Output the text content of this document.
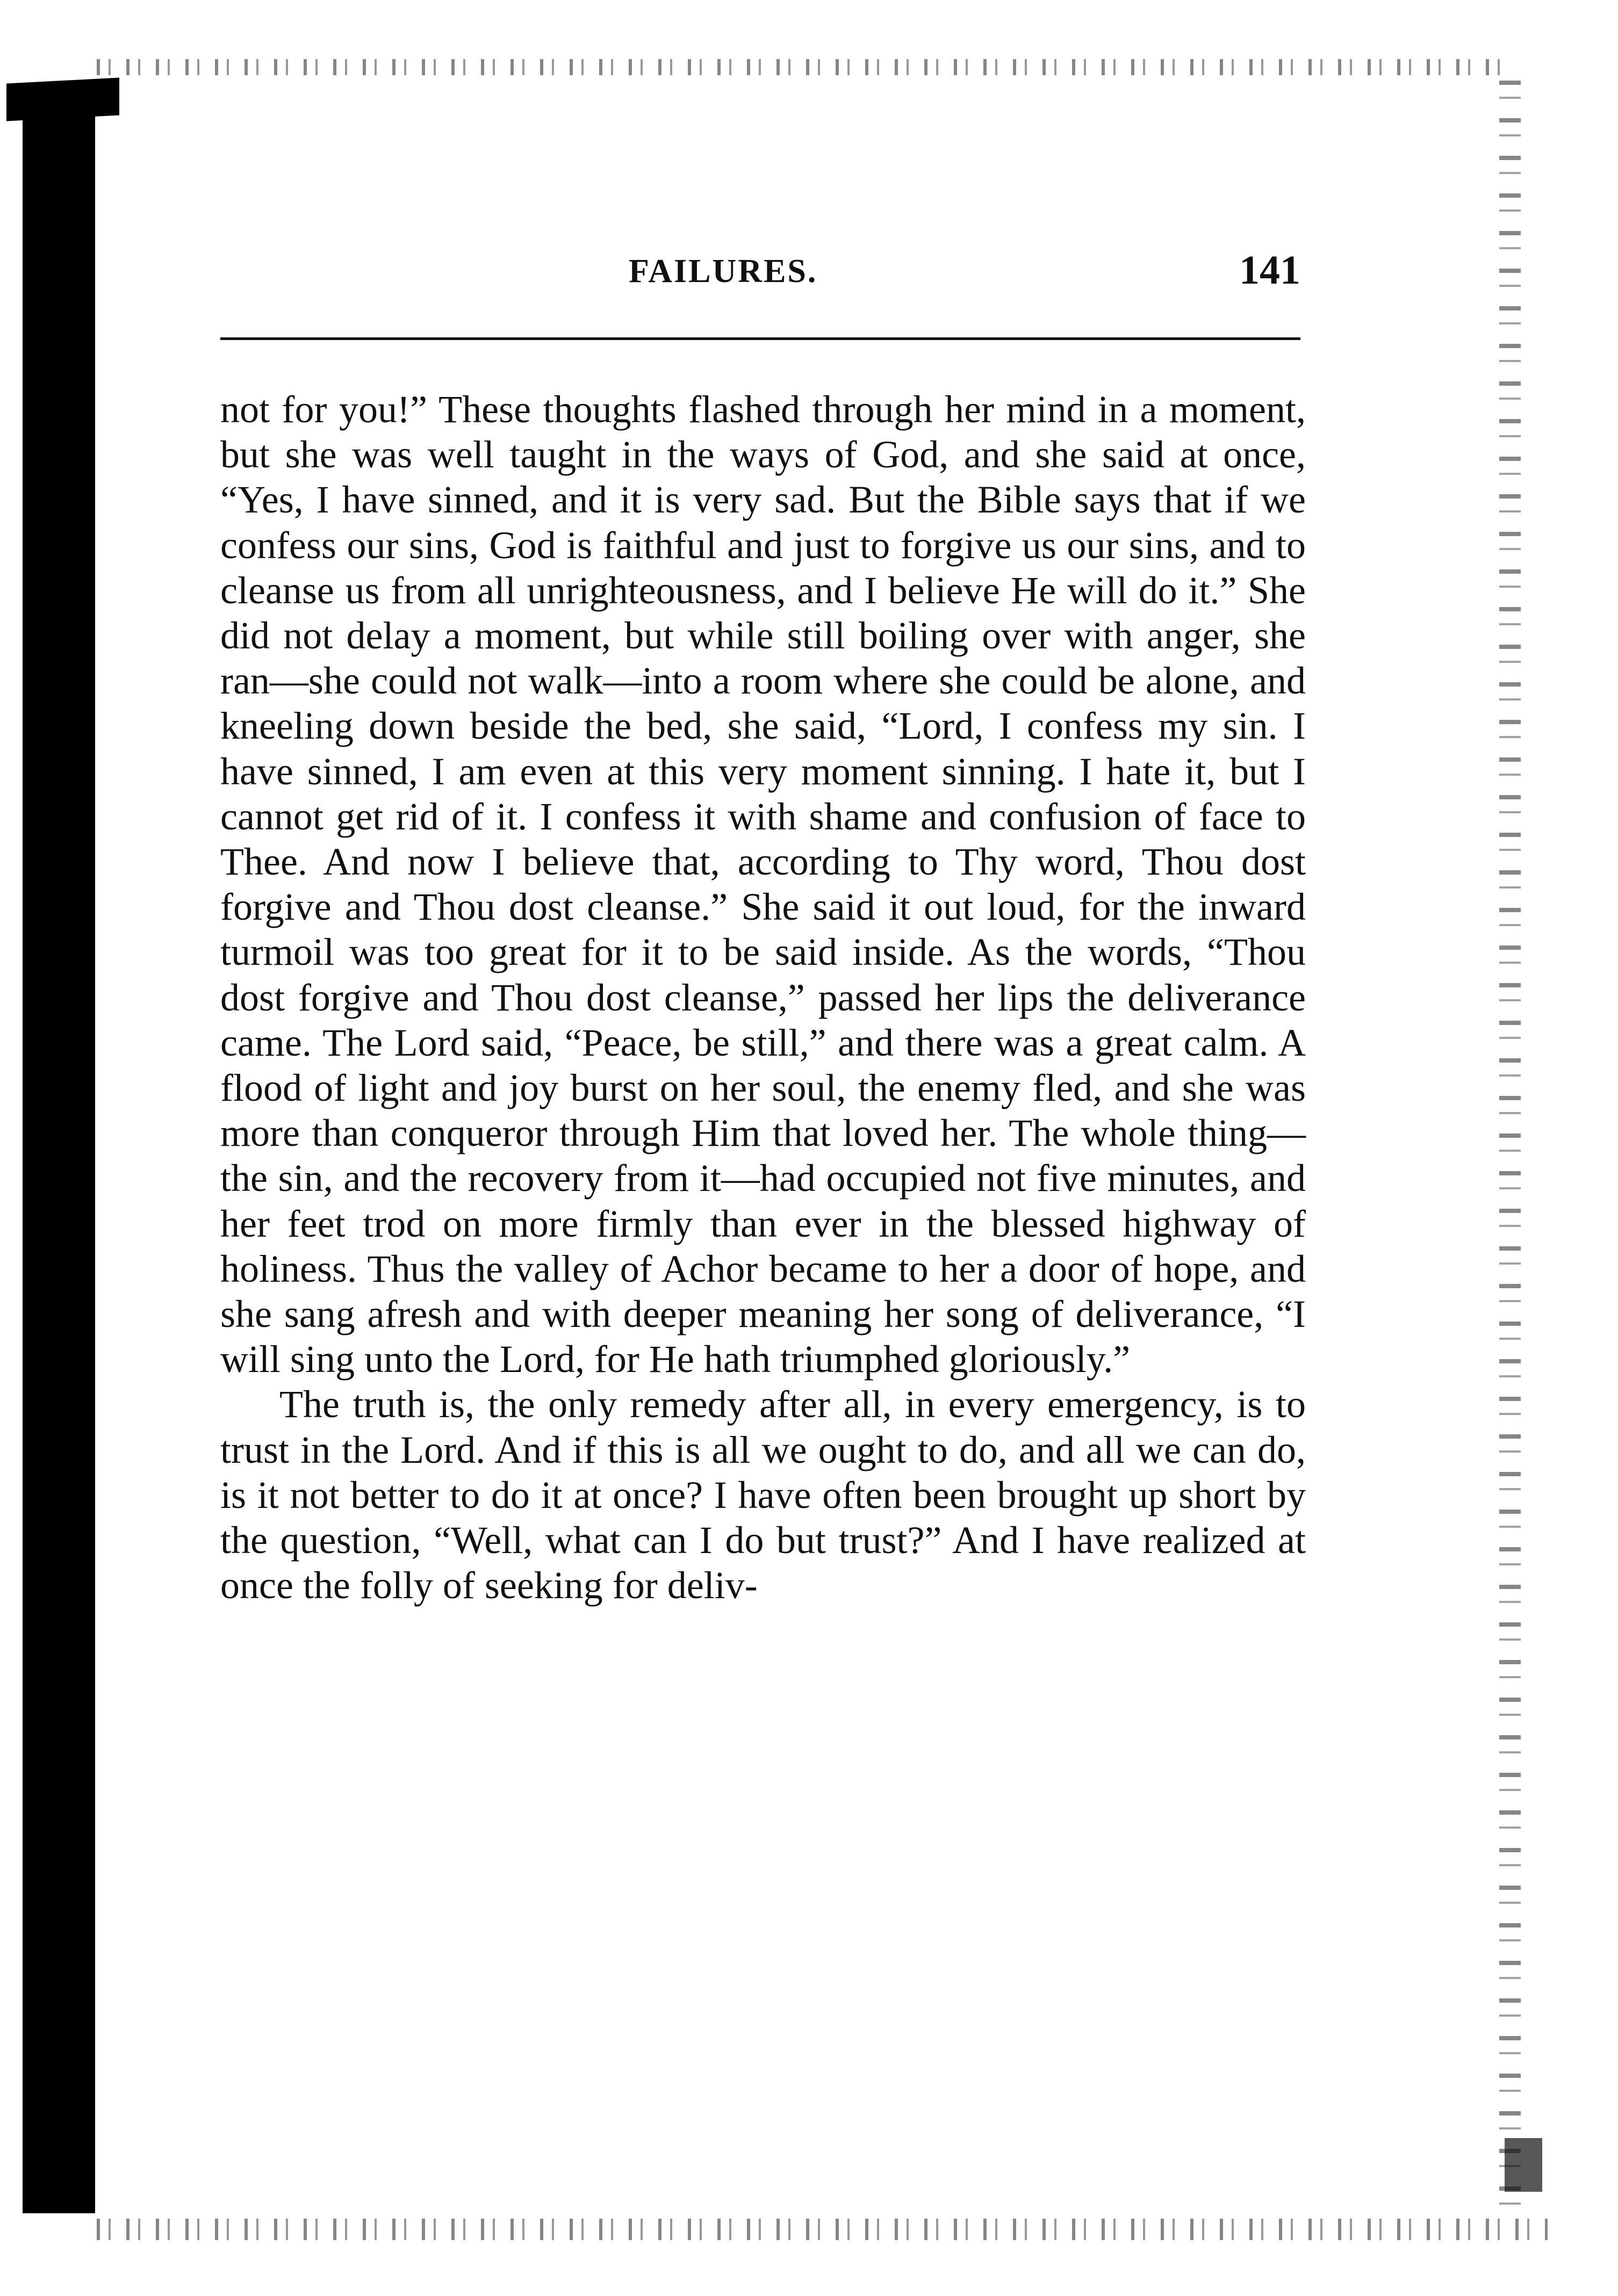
FAILURES.	141

not for you!” These thoughts flashed through her mind in a moment, but she was well taught in the ways of God, and she said at once, “Yes, I have sinned, and it is very sad. But the Bible says that if we confess our sins, God is faithful and just to forgive us our sins, and to cleanse us from all unrighteousness, and I believe He will do it.” She did not delay a moment, but while still boiling over with anger, she ran—she could not walk—into a room where she could be alone, and kneeling down beside the bed, she said, “Lord, I confess my sin. I have sinned, I am even at this very moment sinning. I hate it, but I cannot get rid of it. I confess it with shame and confusion of face to Thee. And now I believe that, according to Thy word, Thou dost forgive and Thou dost cleanse.” She said it out loud, for the inward turmoil was too great for it to be said inside. As the words, “Thou dost forgive and Thou dost cleanse,” passed her lips the deliverance came. The Lord said, “Peace, be still,” and there was a great calm. A flood of light and joy burst on her soul, the enemy fled, and she was more than conqueror through Him that loved her. The whole thing—the sin, and the recovery from it—had occupied not five minutes, and her feet trod on more firmly than ever in the blessed highway of holiness. Thus the valley of Achor became to her a door of hope, and she sang afresh and with deeper meaning her song of deliverance, “I will sing unto the Lord, for He hath triumphed gloriously.”

The truth is, the only remedy after all, in every emergency, is to trust in the Lord. And if this is all we ought to do, and all we can do, is it not better to do it at once? I have often been brought up short by the question, “Well, what can I do but trust?” And I have realized at once the folly of seeking for deliv-
